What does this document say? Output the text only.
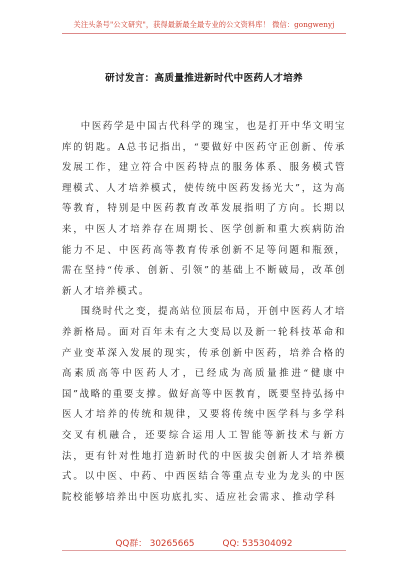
关注头条号"公文研究"，获得最新最全最专业的公文资料库！ 微信：gongwenyj
研讨发言：高质量推进新时代中医药人才培养

中医药学是中国古代科学的瑰宝，也是打开中华文明宝库的钥匙。A总书记指出，“要做好中医药守正创新、传承发展工作，建立符合中医药特点的服务体系、服务模式管理模式、人才培养模式，使传统中医药发扬光大”，这为高等教育，特别是中医药教育改革发展指明了方向。长期以来，中医人才培养存在周期长、医学创新和重大疾病防治能力不足、中医药高等教育传承创新不足等问题和瓶颈，需在坚持“传承、创新、引领”的基础上不断破局，改革创新人才培养模式。

围绕时代之变，提高站位顶层布局，开创中医药人才培养新格局。面对百年未有之大变局以及新一轮科技革命和产业变革深入发展的现实，传承创新中医药，培养合格的高素质高等中医药人才，已经成为高质量推进“健康中国”战略的重要支撑。做好高等中医教育，既要坚持弘扬中医人才培养的传统和规律，又要将传统中医学科与多学科交叉有机融合，还要综合运用人工智能等新技术与新方法，更有针对性地打造新时代的中医拔尖创新人才培养模式。以中医、中药、中西医结合等重点专业为龙头的中医院校能够培养出中医功底扎实、适应社会需求、推动学科

QQ群： 30265665	QQ: 535304092
